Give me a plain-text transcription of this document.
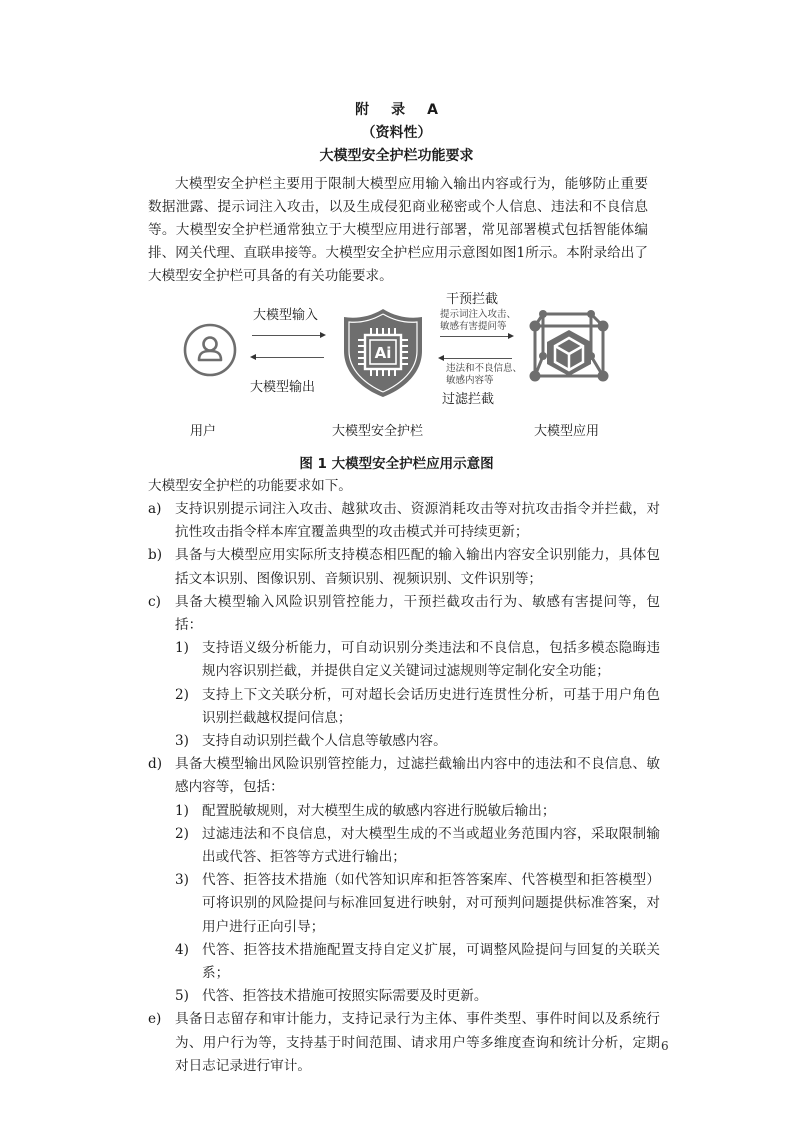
附 录 A
（资料性）
大模型安全护栏功能要求
大模型安全护栏主要用于限制大模型应用输入输出内容或行为，能够防止重要数据泄露、提示词注入攻击，以及生成侵犯商业秘密或个人信息、违法和不良信息等。大模型安全护栏通常独立于大模型应用进行部署，常见部署模式包括智能体编排、网关代理、直联串接等。大模型安全护栏应用示意图如图1所示。本附录给出了大模型安全护栏可具备的有关功能要求。
用户
大模型输入
大模型输出
Ai
大模型安全护栏
干预拦截
提示词注入攻击、
敏感有害提问等
违法和不良信息、
敏感内容等
过滤拦截
大模型应用
图 1 大模型安全护栏应用示意图
大模型安全护栏的功能要求如下。
a) 支持识别提示词注入攻击、越狱攻击、资源消耗攻击等对抗攻击指令并拦截，对抗性攻击指令样本库宜覆盖典型的攻击模式并可持续更新；
b) 具备与大模型应用实际所支持模态相匹配的输入输出内容安全识别能力，具体包括文本识别、图像识别、音频识别、视频识别、文件识别等；
c) 具备大模型输入风险识别管控能力，干预拦截攻击行为、敏感有害提问等，包括：
1) 支持语义级分析能力，可自动识别分类违法和不良信息，包括多模态隐晦违规内容识别拦截，并提供自定义关键词过滤规则等定制化安全功能；
2) 支持上下文关联分析，可对超长会话历史进行连贯性分析，可基于用户角色识别拦截越权提问信息；
3) 支持自动识别拦截个人信息等敏感内容。
d) 具备大模型输出风险识别管控能力，过滤拦截输出内容中的违法和不良信息、敏感内容等，包括：
1) 配置脱敏规则，对大模型生成的敏感内容进行脱敏后输出；
2) 过滤违法和不良信息，对大模型生成的不当或超业务范围内容，采取限制输出或代答、拒答等方式进行输出；
3) 代答、拒答技术措施（如代答知识库和拒答答案库、代答模型和拒答模型）可将识别的风险提问与标准回复进行映射，对可预判问题提供标准答案，对用户进行正向引导；
4) 代答、拒答技术措施配置支持自定义扩展，可调整风险提问与回复的关联关系；
5) 代答、拒答技术措施可按照实际需要及时更新。
e) 具备日志留存和审计能力，支持记录行为主体、事件类型、事件时间以及系统行为、用户行为等，支持基于时间范围、请求用户等多维度查询和统计分析，定期对日志记录进行审计。
6
